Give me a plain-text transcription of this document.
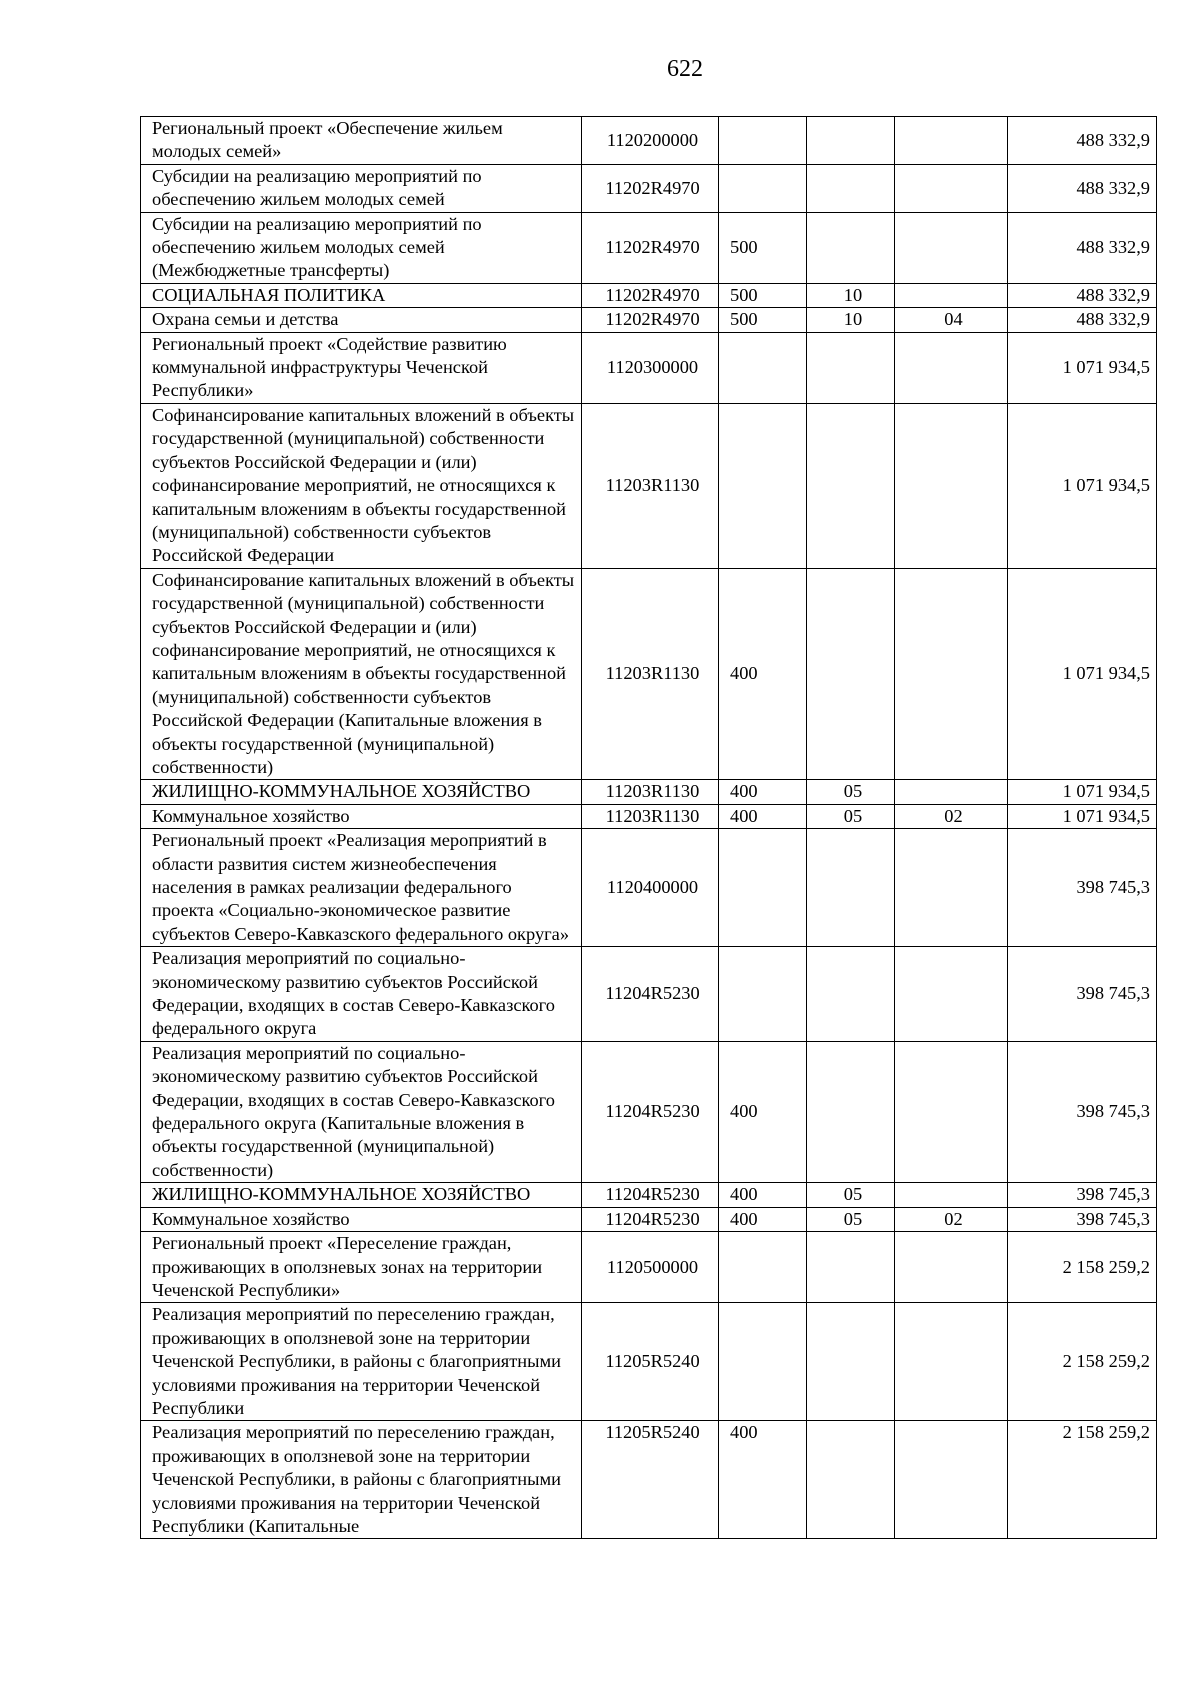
622
Региональный проект «Обеспечение жильем молодых семей»	1120200000				488 332,9
Субсидии на реализацию мероприятий по обеспечению жильем молодых семей	11202R4970				488 332,9
Субсидии на реализацию мероприятий по обеспечению жильем молодых семей (Межбюджетные трансферты)	11202R4970	500			488 332,9
СОЦИАЛЬНАЯ ПОЛИТИКА	11202R4970	500	10		488 332,9
Охрана семьи и детства	11202R4970	500	10	04	488 332,9
Региональный проект «Содействие развитию коммунальной инфраструктуры Чеченской Республики»	1120300000				1 071 934,5
Софинансирование капитальных вложений в объекты государственной (муниципальной) собственности субъектов Российской Федерации и (или) софинансирование мероприятий, не относящихся к капитальным вложениям в объекты государственной (муниципальной) собственности субъектов Российской Федерации	11203R1130				1 071 934,5
Софинансирование капитальных вложений в объекты государственной (муниципальной) собственности субъектов Российской Федерации и (или) софинансирование мероприятий, не относящихся к капитальным вложениям в объекты государственной (муниципальной) собственности субъектов Российской Федерации (Капитальные вложения в объекты государственной (муниципальной) собственности)	11203R1130	400			1 071 934,5
ЖИЛИЩНО-КОММУНАЛЬНОЕ ХОЗЯЙСТВО	11203R1130	400	05		1 071 934,5
Коммунальное хозяйство	11203R1130	400	05	02	1 071 934,5
Региональный проект «Реализация мероприятий в области развития систем жизнеобеспечения населения в рамках реализации федерального проекта «Социально-экономическое развитие субъектов Северо-Кавказского федерального округа»	1120400000				398 745,3
Реализация мероприятий по социально-экономическому развитию субъектов Российской Федерации, входящих в состав Северо-Кавказского федерального округа	11204R5230				398 745,3
Реализация мероприятий по социально-экономическому развитию субъектов Российской Федерации, входящих в состав Северо-Кавказского федерального округа (Капитальные вложения в объекты государственной (муниципальной) собственности)	11204R5230	400			398 745,3
ЖИЛИЩНО-КОММУНАЛЬНОЕ ХОЗЯЙСТВО	11204R5230	400	05		398 745,3
Коммунальное хозяйство	11204R5230	400	05	02	398 745,3
Региональный проект «Переселение граждан, проживающих в оползневых зонах на территории Чеченской Республики»	1120500000				2 158 259,2
Реализация мероприятий по переселению граждан, проживающих в оползневой зоне на территории Чеченской Республики, в районы с благоприятными условиями проживания на территории Чеченской Республики	11205R5240				2 158 259,2
Реализация мероприятий по переселению граждан, проживающих в оползневой зоне на территории Чеченской Республики, в районы с благоприятными условиями проживания на территории Чеченской Республики (Капитальные	11205R5240	400			2 158 259,2
